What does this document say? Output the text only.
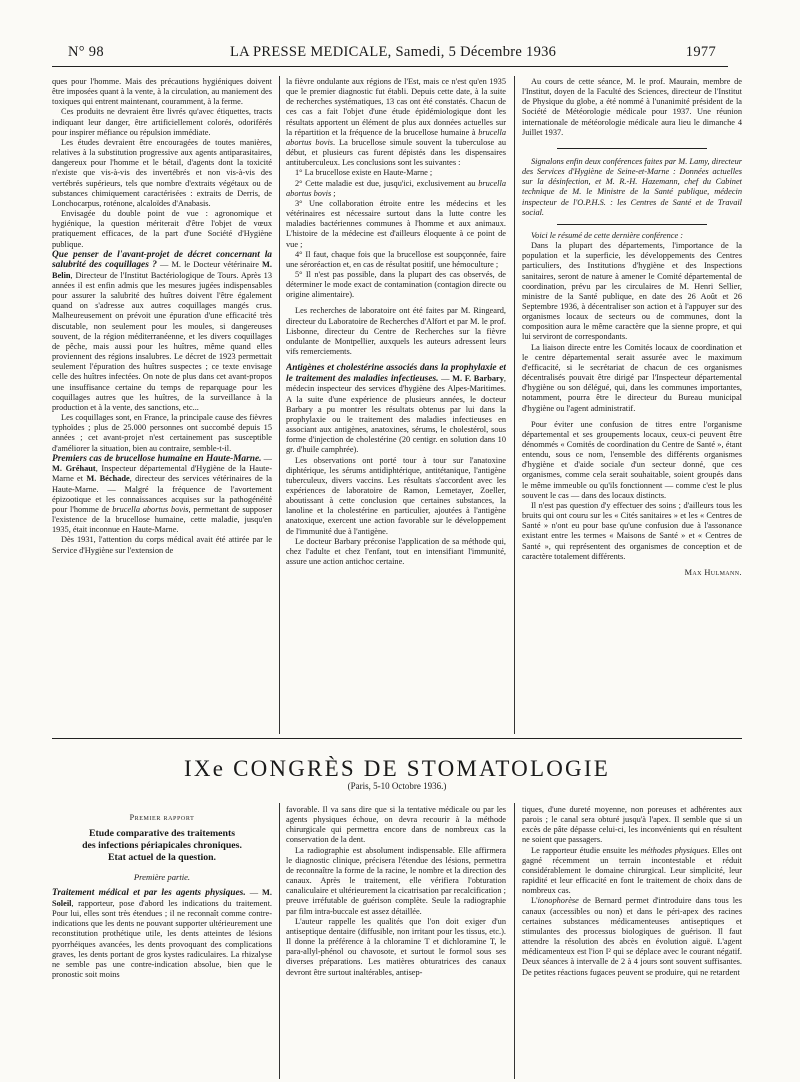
N° 98	LA PRESSE MEDICALE, Samedi, 5 Décembre 1936	1977

ques pour l'homme. Mais des précautions hygiéniques doivent être imposées quant à la vente, à la circulation, au maniement des toxiques qui entrent maintenant, couramment, à la ferme.

Ces produits ne devraient être livrés qu'avec étiquettes, tracts indiquant leur danger, être artificiellement colorés, odoriférés pour inspirer méfiance ou répulsion immédiate.

Les études devraient être encouragées de toutes manières, relatives à la substitution progressive aux agents antiparasitaires, dangereux pour l'homme et le bétail, d'agents dont la toxicité n'existe que vis-à-vis des invertébrés et non vis-à-vis des vertébrés supérieurs, tels que nombre d'extraits végétaux ou de substances chimiquement caractérisées : extraits de Derris, de Lonchocarpus, roténone, alcaloïdes d'Anabasis.

Envisagée du double point de vue : agronomique et hygiénique, la question mériterait d'être l'objet de vœux pratiquement efficaces, de la part d'une Société d'Hygiène publique.

Que penser de l'avant-projet de décret concernant la salubrité des coquillages ? — M. le Docteur vétérinaire M. Belin, Directeur de l'Institut Bactériologique de Tours. Après 13 années il est enfin admis que les mesures jugées indispensables pour assurer la salubrité des huîtres doivent l'être également quand on s'adresse aux autres coquillages mangés crus. Malheureusement on prévoit une épuration d'une efficacité très discutable, non seulement pour les moules, si dangereuses souvent, de la région méditerranéenne, et les divers coquillages de pêche, mais aussi pour les huîtres, même quand elles proviennent des régions insalubres. Le décret de 1923 permettait seulement l'épuration des huîtres suspectes ; ce texte envisage celle des huîtres infectées. On note de plus dans cet avant-propos une insuffisance certaine du temps de reparquage pour les coquillages autres que les huîtres, de la surveillance à la production et à la vente, des sanctions, etc...

Les coquillages sont, en France, la principale cause des fièvres typhoïdes ; plus de 25.000 personnes ont succombé depuis 15 années ; cet avant-projet n'est certainement pas susceptible d'améliorer la situation, bien au contraire, semble-t-il.

Premiers cas de brucellose humaine en Haute-Marne. — M. Gréhaut, Inspecteur départemental d'Hygiène de la Haute-Marne et M. Béchade, directeur des services vétérinaires de la Haute-Marne. — Malgré la fréquence de l'avortement épizootique et les connaissances acquises sur la pathogénéité pour l'homme de brucella abortus bovis, permettant de supposer l'existence de la brucellose humaine, cette maladie, jusqu'en 1935, était inconnue en Haute-Marne.

Dès 1931, l'attention du corps médical avait été attirée par le Service d'Hygiène sur l'extension de

la fièvre ondulante aux régions de l'Est, mais ce n'est qu'en 1935 que le premier diagnostic fut établi. Depuis cette date, à la suite de recherches systématiques, 13 cas ont été constatés. Chacun de ces cas a fait l'objet d'une étude épidémiologique dont les résultats apportent un élément de plus aux données actuelles sur la répartition et la fréquence de la brucellose humaine à brucella abortus bovis. La brucellose simule souvent la tuberculose au début, et plusieurs cas furent dépistés dans les dispensaires antituberculeux. Les conclusions sont les suivantes :

1° La brucellose existe en Haute-Marne ;

2° Cette maladie est due, jusqu'ici, exclusivement au brucella abortus bovis ;

3° Une collaboration étroite entre les médecins et les vétérinaires est nécessaire surtout dans la lutte contre les maladies bactériennes communes à l'homme et aux animaux. L'histoire de la médecine est d'ailleurs éloquente à ce point de vue ;

4° Il faut, chaque fois que la brucellose est soupçonnée, faire une séroréaction et, en cas de résultat positif, une hémoculture ;

5° Il n'est pas possible, dans la plupart des cas observés, de déterminer le mode exact de contamination (contagion directe ou origine alimentaire).

Les recherches de laboratoire ont été faites par M. Ringeard, directeur du Laboratoire de Recherches d'Alfort et par M. le prof. Lisbonne, directeur du Centre de Recherches sur la fièvre ondulante de Montpellier, auxquels les auteurs adressent leurs vifs remerciements.

Antigènes et cholestérine associés dans la prophylaxie et le traitement des maladies infectieuses. — M. F. Barbary, médecin inspecteur des services d'hygiène des Alpes-Maritimes. A la suite d'une expérience de plusieurs années, le docteur Barbary a pu montrer les résultats obtenus par lui dans la prophylaxie ou le traitement des maladies infectieuses en associant aux antigènes, anatoxines, sérums, le cholestérol, sous forme d'injection de cholestérine (20 centigr. en solution dans 10 gr. d'huile camphrée).

Les observations ont porté tour à tour sur l'anatoxine diphtérique, les sérums antidiphtérique, antitétanique, l'antigène tuberculeux, divers vaccins. Les résultats s'accordent avec les expériences de laboratoire de Ramon, Lemetayer, Zoeller, aboutissant à cette conclusion que certaines substances, la lanoline et la cholestérine en particulier, ajoutées à l'antigène anatoxique, exercent une action favorable sur le développement de l'immunité due à l'antigène.

Le docteur Barbary préconise l'application de sa méthode qui, chez l'adulte et chez l'enfant, tout en intensifiant l'immunité, assure une action antichoc certaine.

Au cours de cette séance, M. le prof. Maurain, membre de l'Institut, doyen de la Faculté des Sciences, directeur de l'Institut de Physique du globe, a été nommé à l'unanimité président de la Société de Météorologie médicale pour 1937. Une réunion internationale de météorologie médicale aura lieu le dimanche 4 Juillet 1937.

Signalons enfin deux conférences faites par M. Lamy, directeur des Services d'Hygiène de Seine-et-Marne : Données actuelles sur la désinfection, et M. R.-H. Hazemann, chef du Cabinet technique de M. le Ministre de la Santé publique, médecin inspecteur de l'O.P.H.S. : les Centres de Santé et de Travail social.

Voici le résumé de cette dernière conférence :

Dans la plupart des départements, l'importance de la population et la superficie, les développements des Centres particuliers, des Institutions d'hygiène et des Inspections sanitaires, seront de nature à amener le Comité départemental de coordination, prévu par les circulaires de M. Henri Sellier, ministre de la Santé publique, en date des 26 Août et 26 Septembre 1936, à décentraliser son action et à l'appuyer sur des organismes locaux de secteurs ou de communes, dont la composition aura le même caractère que la sienne propre, et qui lui serviront de correspondants.

La liaison directe entre les Comités locaux de coordination et le centre départemental serait assurée avec le maximum d'efficacité, si le secrétariat de chacun de ces organismes décentralisés pouvait être dirigé par l'Inspecteur départemental d'hygiène ou son délégué, qui, dans les communes importantes, notamment, pourra être le directeur du Bureau municipal d'hygiène ou l'agent administratif.

Pour éviter une confusion de titres entre l'organisme départemental et ses groupements locaux, ceux-ci peuvent être dénommés « Comités de coordination du Centre de Santé », étant entendu, sous ce nom, l'ensemble des différents organismes d'hygiène et d'aide sociale d'un secteur donné, que ces organismes, comme cela serait souhaitable, soient groupés dans le même immeuble ou qu'ils fonctionnent — comme c'est le plus souvent le cas — dans des locaux distincts.

Il n'est pas question d'y effectuer des soins ; d'ailleurs tous les bruits qui ont couru sur les « Cités sanitaires » et les « Centres de Santé » n'ont eu pour base qu'une confusion due à l'assonance existant entre les termes « Maisons de Santé » et « Centres de Santé », qui représentent des organismes de conception et de caractère totalement différents.

Max Hulmann.

IXe CONGRÈS DE STOMATOLOGIE
(Paris, 5-10 Octobre 1936.)
Premier rapport
Etude comparative des traitements
des infections périapicales chroniques.
Etat actuel de la question.
Première partie.

Traitement médical et par les agents physiques. — M. Soleil, rapporteur, pose d'abord les indications du traitement. Pour lui, elles sont très étendues ; il ne reconnaît comme contre-indications que les dents ne pouvant supporter ultérieurement une reconstitution prothétique utile, les dents atteintes de lésions pyorrhéiques avancées, les dents provoquant des complications graves, les dents portant de gros kystes radiculaires. La rhizalyse ne semble pas une contre-indication absolue, bien que le pronostic soit moins

favorable. Il va sans dire que si la tentative médicale ou par les agents physiques échoue, on devra recourir à la méthode chirurgicale qui permettra encore dans de nombreux cas la conservation de la dent.

La radiographie est absolument indispensable. Elle affirmera le diagnostic clinique, précisera l'étendue des lésions, permettra de reconnaître la forme de la racine, le nombre et la direction des canaux. Après le traitement, elle vérifiera l'obturation canaliculaire et ultérieurement la cicatrisation par recalcification ; preuve irréfutable de guérison complète. Seule la radiographie par film intra-buccale est assez détaillée.

L'auteur rappelle les qualités que l'on doit exiger d'un antiseptique dentaire (diffusible, non irritant pour les tissus, etc.). Il donne la préférence à la chloramine T et dichloramine T, le para-allyl-phénol ou chavosote, et surtout le formol sous ses diverses préparations. Les matières obturatrices des canaux devront être surtout inaltérables, antisep-

tiques, d'une dureté moyenne, non poreuses et adhérentes aux parois ; le canal sera obturé jusqu'à l'apex. Il semble que si un excès de pâte dépasse celui-ci, les inconvénients qui en résultent ne soient que passagers.

Le rapporteur étudie ensuite les méthodes physiques. Elles ont gagné récemment un terrain incontestable et réduit considérablement le domaine chirurgical. Leur simplicité, leur rapidité et leur efficacité en font le traitement de choix dans de nombreux cas.

L'ionophorèse de Bernard permet d'introduire dans tous les canaux (accessibles ou non) et dans le péri-apex des racines certaines substances médicamenteuses antiseptiques et stimulantes des processus biologiques de guérison. Il faut attendre la résolution des abcès en évolution aiguë. L'agent médicamenteux est l'ion I² qui se déplace avec le courant négatif. Deux séances à intervalle de 2 à 4 jours sont souvent suffisantes. De petites réactions fugaces peuvent se produire, qui ne retardent
